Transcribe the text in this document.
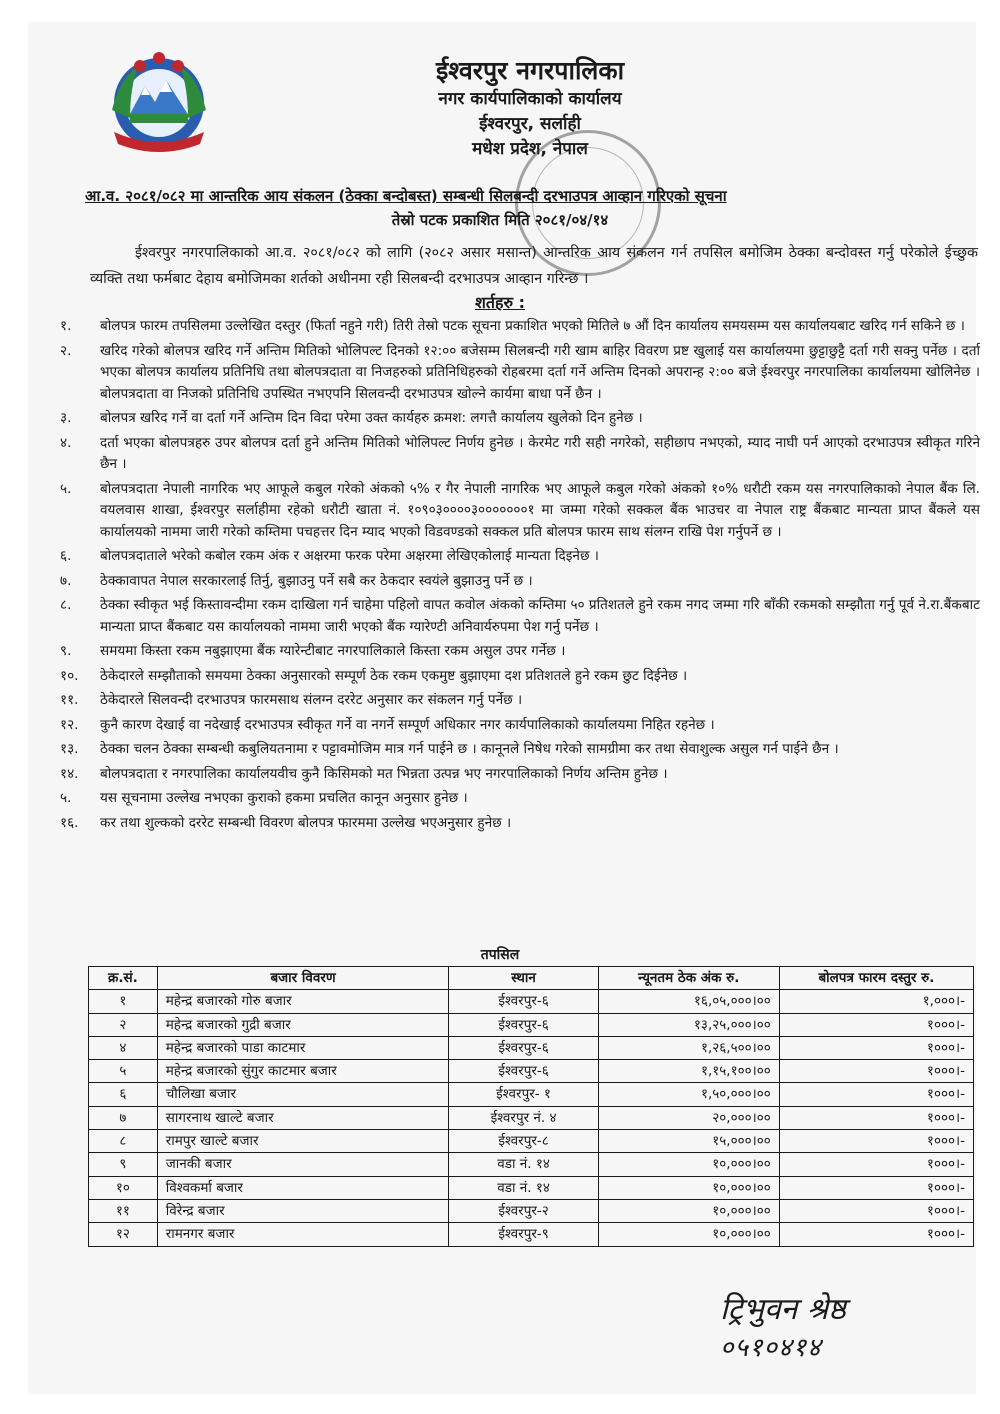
ईश्वरपुर नगरपालिका
नगर कार्यपालिकाको कार्यालय
ईश्वरपुर, सर्लाही
मधेश प्रदेश, नेपाल
आ.व. २०८१/०८२ मा आन्तरिक आय संकलन (ठेक्का बन्दोबस्त) सम्बन्धी सिलबन्दी दरभाउपत्र आव्हान गरिएको सूचना
तेस्रो पटक प्रकाशित मिति २०८१/०४/१४
ईश्वरपुर नगरपालिकाको आ.व. २०८१/०८२ को लागि (२०८२ असार मसान्त) आन्तरिक आय संकलन गर्न तपसिल बमोजिम ठेक्का बन्दोवस्त गर्नु परेकोले ईच्छुक व्यक्ति तथा फर्मबाट देहाय बमोजिमका शर्तको अधीनमा रही सिलबन्दी दरभाउपत्र आव्हान गरिन्छ ।
शर्तहरु :
१.	बोलपत्र फारम तपसिलमा उल्लेखित दस्तुर (फिर्ता नहुने गरी) तिरी तेस्रो पटक सूचना प्रकाशित भएको मितिले ७ औं दिन कार्यालय समयसम्म यस कार्यालयबाट खरिद गर्न सकिने छ ।
२.	खरिद गरेको बोलपत्र खरिद गर्ने अन्तिम मितिको भोलिपल्ट दिनको १२:०० बजेसम्म सिलबन्दी गरी खाम बाहिर विवरण प्रष्ट खुलाई यस कार्यालयमा छुट्टाछुट्टै दर्ता गरी सक्नु पर्नेछ । दर्ता भएका बोलपत्र कार्यालय प्रतिनिधि तथा बोलपत्रदाता वा निजहरुको प्रतिनिधिहरुको रोहबरमा दर्ता गर्ने अन्तिम दिनको अपरान्ह २:०० बजे ईश्वरपुर नगरपालिका कार्यालयमा खोलिनेछ । बोलपत्रदाता वा निजको प्रतिनिधि उपस्थित नभएपनि सिलवन्दी दरभाउपत्र खोल्ने कार्यमा बाधा पर्ने छैन ।
३.	बोलपत्र खरिद गर्ने वा दर्ता गर्ने अन्तिम दिन विदा परेमा उक्त कार्यहरु क्रमश: लगत्तै कार्यालय खुलेको दिन हुनेछ ।
४.	दर्ता भएका बोलपत्रहरु उपर बोलपत्र दर्ता हुने अन्तिम मितिको भोलिपल्ट निर्णय हुनेछ । केरमेट गरी सही नगरेको, सहीछाप नभएको, म्याद नाघी पर्न आएको दरभाउपत्र स्वीकृत गरिने छैन ।
५.	बोलपत्रदाता नेपाली नागरिक भए आफूले कबुल गरेको अंकको ५% र गैर नेपाली नागरिक भए आफूले कबुल गरेको अंकको १०% धरौटी रकम यस नगरपालिकाको नेपाल बैंक लि. वयलवास शाखा, ईश्वरपुर सर्लाहीमा रहेको धरौटी खाता नं. १०९०३००००३०००००००१ मा जम्मा गरेको सक्कल बैंक भाउचर वा नेपाल राष्ट्र बैंकबाट मान्यता प्राप्त बैंकले यस कार्यालयको नाममा जारी गरेको कम्तिमा पचहत्तर दिन म्याद भएको विडवण्डको सक्कल प्रति बोलपत्र फारम साथ संलग्न राखि पेश गर्नुपर्ने छ ।
६.	बोलपत्रदाताले भरेको कबोल रकम अंक र अक्षरमा फरक परेमा अक्षरमा लेखिएकोलाई मान्यता दिइनेछ ।
७.	ठेक्कावापत नेपाल सरकारलाई तिर्नु, बुझाउनु पर्ने सबै कर ठेकदार स्वयंले बुझाउनु पर्ने छ ।
८.	ठेक्का स्वीकृत भई किस्तावन्दीमा रकम दाखिला गर्न चाहेमा पहिलो वापत कवोल अंकको कम्तिमा ५० प्रतिशतले हुने रकम नगद जम्मा गरि बाँकी रकमको सम्झौता गर्नु पूर्व ने.रा.बैंकबाट मान्यता प्राप्त बैंकबाट यस कार्यालयको नाममा जारी भएको बैंक ग्यारेण्टी अनिवार्यरुपमा पेश गर्नु पर्नेछ ।
९.	समयमा किस्ता रकम नबुझाएमा बैंक ग्यारेन्टीबाट नगरपालिकाले किस्ता रकम असुल उपर गर्नेछ ।
१०.	ठेकेदारले सम्झौताको समयमा ठेक्का अनुसारको सम्पूर्ण ठेक रकम एकमुष्ट बुझाएमा दश प्रतिशतले हुने रकम छुट दिईनेछ ।
११.	ठेकेदारले सिलवन्दी दरभाउपत्र फारमसाथ संलग्न दररेट अनुसार कर संकलन गर्नु पर्नेछ ।
१२.	कुनै कारण देखाई वा नदेखाई दरभाउपत्र स्वीकृत गर्ने वा नगर्ने सम्पूर्ण अधिकार नगर कार्यपालिकाको कार्यालयमा निहित रहनेछ ।
१३.	ठेक्का चलन ठेक्का सम्बन्धी कबुलियतनामा र पट्टावमोजिम मात्र गर्न पाईने छ । कानूनले निषेध गरेको सामग्रीमा कर तथा सेवाशुल्क असुल गर्न पाईने छैन ।
१४.	बोलपत्रदाता र नगरपालिका कार्यालयवीच कुनै किसिमको मत भिन्नता उत्पन्न भए नगरपालिकाको निर्णय अन्तिम हुनेछ ।
५.	यस सूचनामा उल्लेख नभएका कुराको हकमा प्रचलित कानून अनुसार हुनेछ ।
१६.	कर तथा शुल्कको दररेट सम्बन्धी विवरण बोलपत्र फारममा उल्लेख भएअनुसार हुनेछ ।
तपसिल
क्र.सं.	बजार विवरण	स्थान	न्यूनतम ठेक अंक रु.	बोलपत्र फारम दस्तुर रु.
१	महेन्द्र बजारको गोरु बजार	ईश्वरपुर-६	१६,०५,०००।००	१,०००।-
२	महेन्द्र बजारको गुद्री बजार	ईश्वरपुर-६	१३,२५,०००।००	१०००।-
४	महेन्द्र बजारको पाडा काटमार	ईश्वरपुर-६	१,२६,५००।००	१०००।-
५	महेन्द्र बजारको सुंगुर काटमार बजार	ईश्वरपुर-६	१,१५,१००।००	१०००।-
६	चौलिखा बजार	ईश्वरपुर- १	१,५०,०००।००	१०००।-
७	सागरनाथ खाल्टे बजार	ईश्वरपुर नं. ४	२०,०००।००	१०००।-
८	रामपुर खाल्टे बजार	ईश्वरपुर-८	१५,०००।००	१०००।-
९	जानकी बजार	वडा नं. १४	१०,०००।००	१०००।-
१०	विश्वकर्मा बजार	वडा नं. १४	१०,०००।००	१०००।-
११	विरेन्द्र बजार	ईश्वरपुर-२	१०,०००।००	१०००।-
१२	रामनगर बजार	ईश्वरपुर-९	१०,०००।००	१०००।-
ट्रिभुवन श्रेष्ठ
०५१०४१४
